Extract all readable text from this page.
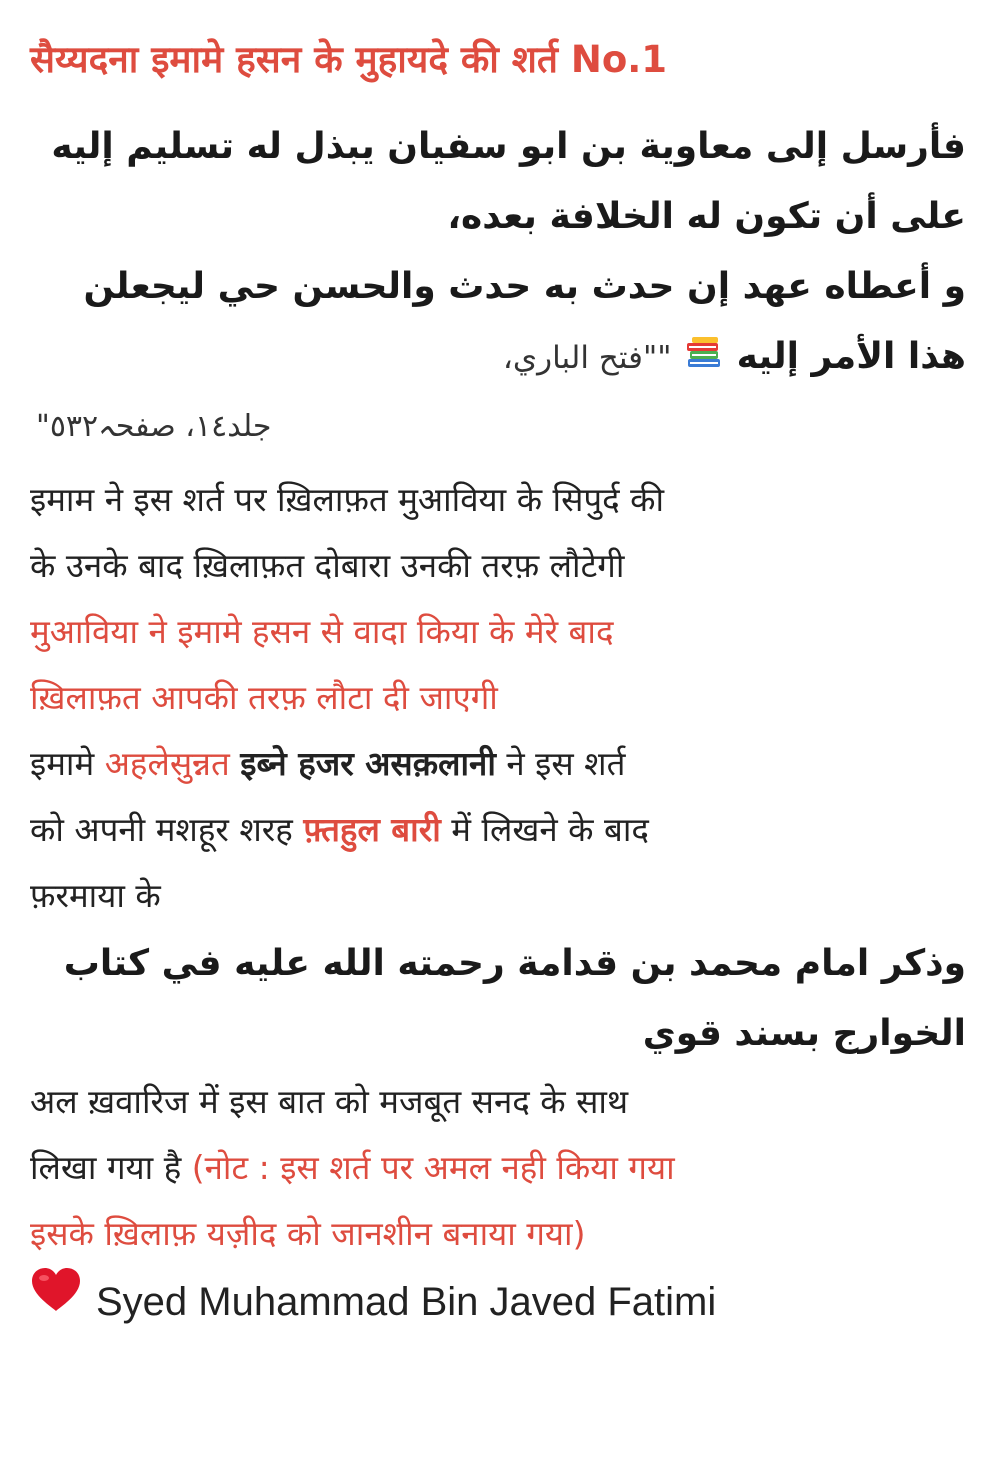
सैय्यदना इमामे हसन के मुहायदे की शर्त No.1
فأرسل إلى معاوية بن ابو سفيان يبذل له تسليم إليه
على أن تكون له الخلافة بعده،
و أعطاه عهد إن حدث به حدث والحسن حي ليجعلن
هذا الأمر إليه  ""فتح الباري،
جلد١٤، صفحہ٥٣٢"

इमाम ने इस शर्त पर ख़िलाफ़त मुआविया के सिपुर्द की

के उनके बाद ख़िलाफ़त दोबारा उनकी तरफ़ लौटेगी

मुआविया ने इमामे हसन से वादा किया के मेरे बाद

ख़िलाफ़त आपकी तरफ़ लौटा दी जाएगी

इमामे अहलेसुन्नत इब्ने हजर असक़लानी ने इस शर्त

को अपनी मशहूर शरह फ़्तहुल बारी में लिखने के बाद

फ़रमाया के

وذكر امام محمد بن قدامة رحمته الله عليه في كتاب
الخوارج بسند قوي

अल ख़वारिज में इस बात को मजबूत सनद के साथ

लिखा गया है (नोट : इस शर्त पर अमल नही किया गया

इसके ख़िलाफ़ यज़ीद को जानशीन बनाया गया)

Syed Muhammad Bin Javed Fatimi
